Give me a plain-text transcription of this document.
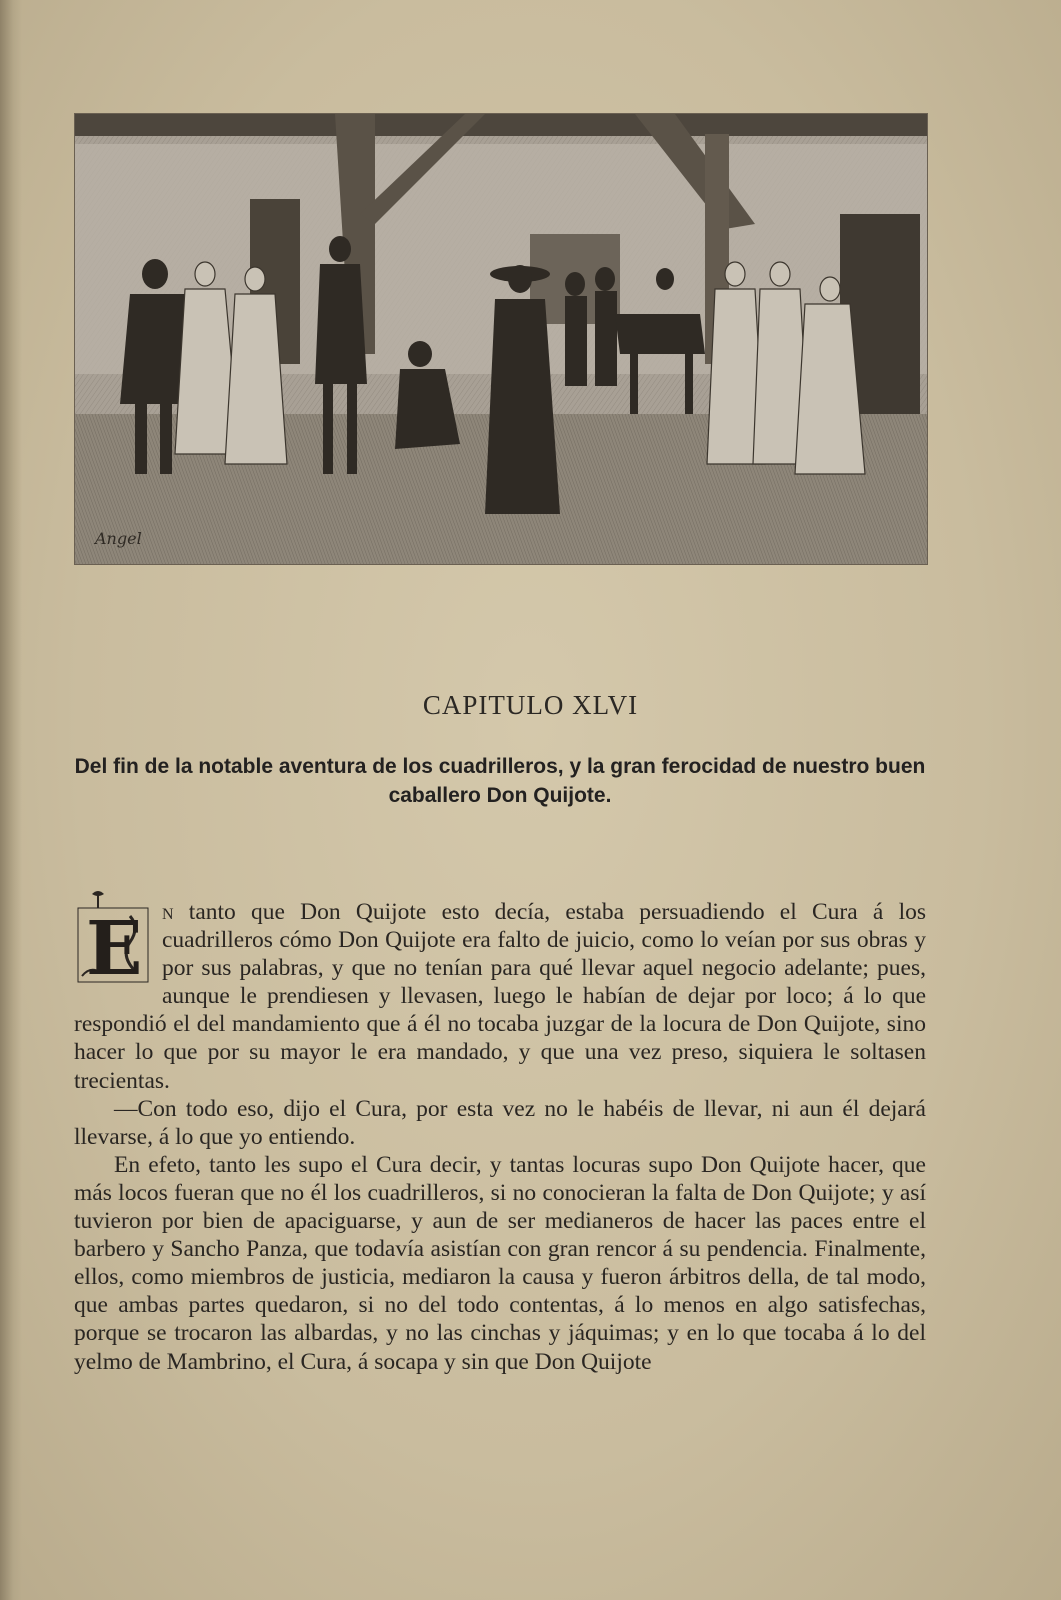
Angel
CAPITULO XLVI
Del fin de la notable aventura de los cuadrilleros, y la gran ferocidad de nuestro buen caballero Don Quijote.

E n tanto que Don Quijote esto decía, estaba persuadiendo el Cura á los cuadrilleros cómo Don Quijote era falto de juicio, como lo veían por sus obras y por sus palabras, y que no tenían para qué llevar aquel negocio adelante; pues, aunque le prendiesen y llevasen, luego le habían de dejar por loco; á lo que respondió el del mandamiento que á él no tocaba juzgar de la locura de Don Quijote, sino hacer lo que por su mayor le era mandado, y que una vez preso, siquiera le soltasen trecientas.

—Con todo eso, dijo el Cura, por esta vez no le habéis de llevar, ni aun él dejará llevarse, á lo que yo entiendo.

En efeto, tanto les supo el Cura decir, y tantas locuras supo Don Quijote hacer, que más locos fueran que no él los cuadrilleros, si no conocieran la falta de Don Quijote; y así tuvieron por bien de apaciguarse, y aun de ser medianeros de hacer las paces entre el barbero y Sancho Panza, que todavía asistían con gran rencor á su pendencia. Finalmente, ellos, como miembros de justicia, mediaron la causa y fueron árbitros della, de tal modo, que ambas partes quedaron, si no del todo contentas, á lo menos en algo satisfechas, porque se trocaron las albardas, y no las cinchas y jáquimas; y en lo que tocaba á lo del yelmo de Mambrino, el Cura, á socapa y sin que Don Quijote
